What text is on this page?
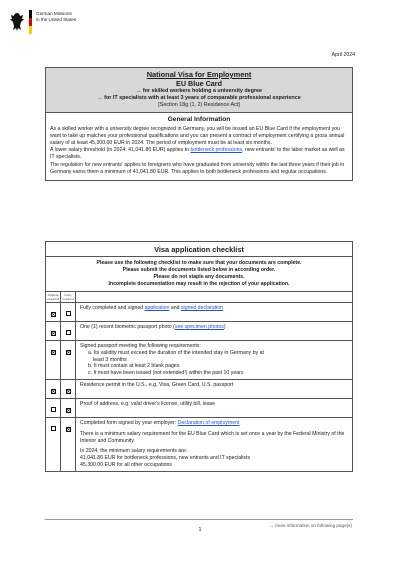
German Missions
in the United States
April 2024
National Visa for Employment
EU Blue Card
→ for skilled workers holding a university degree
→ for IT specialists with at least 3 years of comparable professional experience
[Section 18g (1, 2) Residence Act]
General Information

As a skilled worker with a university degree recognized in Germany, you will be issued an EU Blue Card if the employment you want to take up matches your professional qualifications and you can present a contract of employment certifying a gross annual salary of at least 45,300.00 EUR in 2024. The period of employment must be at least six months.

A lower salary threshold (in 2024: 41,041.80 EUR) applies to bottleneck professions, new entrants' to the labor market as well as IT specialists.

The regulation for new entrants' applies to foreigners who have graduated from university within the last three years if their job in Germany earns them a minimum of 41,041.80 EUR. This applies to both bottleneck professions and regular occupations.

Visa application checklist
Please use the following checklist to make sure that your documents are complete.
Please submit the documents listed below in according order.
Please do not staple any documents.
Incomplete documentation may result in the rejection of your application.
Original required
Copy required
✕
Fully completed and signed application and signed declaration
✕
One (1) recent biometric passport photo (see specimen photos)
✕	✕
Signed passport meeting the following requirements:
a. Its validity must exceed the duration of the intended stay in Germany by at
least 3 months
b. It must contain at least 2 blank pages
c. It must have been issued (not extended!) within the past 10 years
✕	✕
Residence permit in the U.S., e.g. Visa, Green Card, U.S. passport
✕
Proof of address, e.g. valid driver's license, utility bill, lease
✕
Completed form signed by your employer: Declaration of employment
There is a minimum salary requirement for the EU Blue Card which is set once a year by the Federal Ministry of the Interior and Community.
In 2024, the minimum salary requirements are:
41,041.80 EUR for bottleneck professions, new entrants and IT specialists
45,300.00 EUR for all other occupations
→ more information on following page(s)
1
